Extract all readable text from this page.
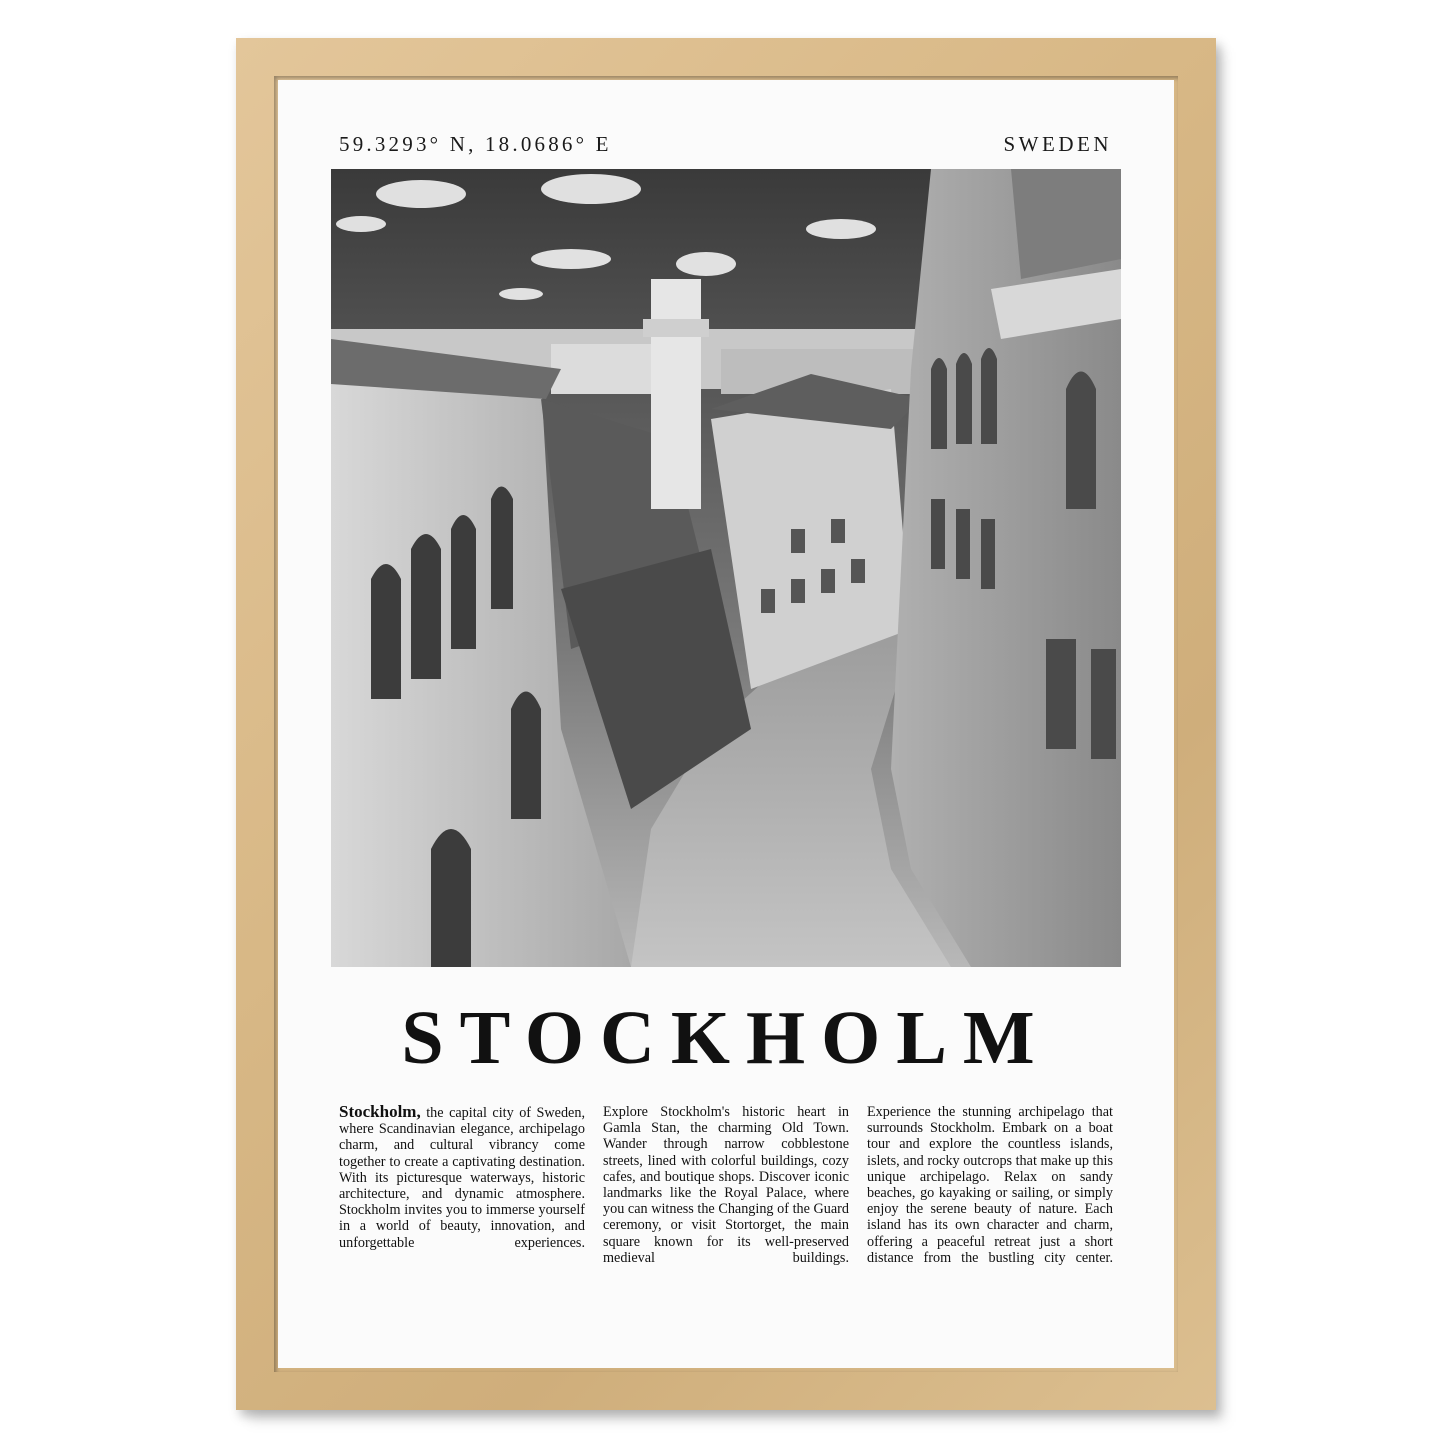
59.3293° N, 18.0686° E	SWEDEN
STOCKHOLM
Stockholm, the capital city of Sweden, where Scandinavian elegance, archipelago charm, and cultural vibrancy come together to create a captivating destination. With its picturesque waterways, historic architecture, and dynamic atmosphere. Stockholm invites you to immerse yourself in a world of beauty, innovation, and unforgettable experiences.
Explore Stockholm's historic heart in Gamla Stan, the charming Old Town. Wander through narrow cobblestone streets, lined with colorful buildings, cozy cafes, and boutique shops. Discover iconic landmarks like the Royal Palace, where you can witness the Changing of the Guard ceremony, or visit Stortorget, the main square known for its well-preserved medieval buildings.
Experience the stunning archipelago that surrounds Stockholm. Embark on a boat tour and explore the countless islands, islets, and rocky outcrops that make up this unique archipelago. Relax on sandy beaches, go kayaking or sailing, or simply enjoy the serene beauty of nature. Each island has its own character and charm, offering a peaceful retreat just a short distance from the bustling city center.
